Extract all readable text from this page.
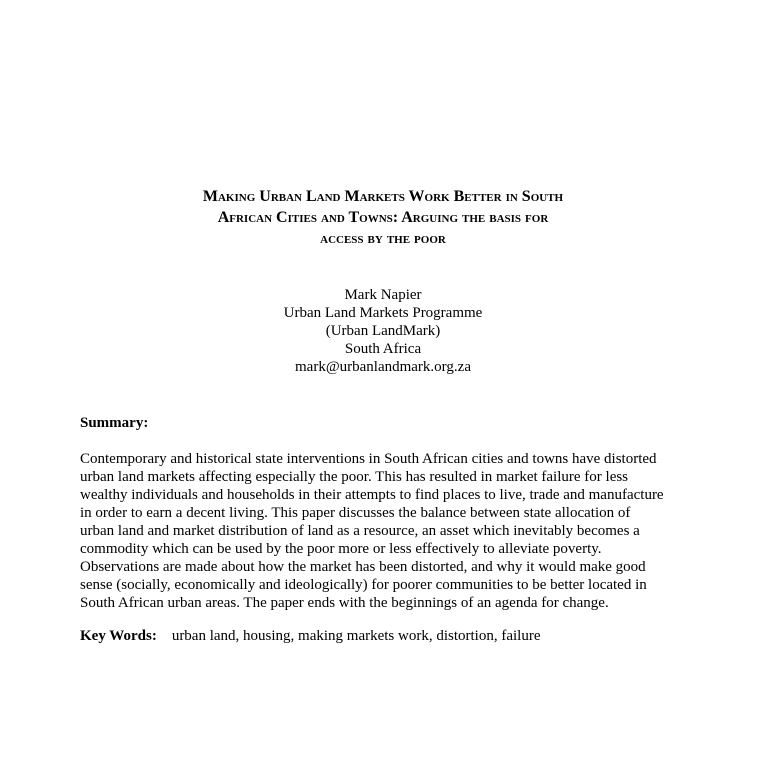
Making Urban Land Markets Work Better in South
African Cities and Towns: Arguing the basis for
access by the poor
Mark Napier
Urban Land Markets Programme
(Urban LandMark)
South Africa
mark@urbanlandmark.org.za
Summary:
Contemporary and historical state interventions in South African cities and towns have distorted
urban land markets affecting especially the poor. This has resulted in market failure for less
wealthy individuals and households in their attempts to find places to live, trade and manufacture
in order to earn a decent living. This paper discusses the balance between state allocation of
urban land and market distribution of land as a resource, an asset which inevitably becomes a
commodity which can be used by the poor more or less effectively to alleviate poverty.
Observations are made about how the market has been distorted, and why it would make good
sense (socially, economically and ideologically) for poorer communities to be better located in
South African urban areas. The paper ends with the beginnings of an agenda for change.
Key Words: urban land, housing, making markets work, distortion, failure
